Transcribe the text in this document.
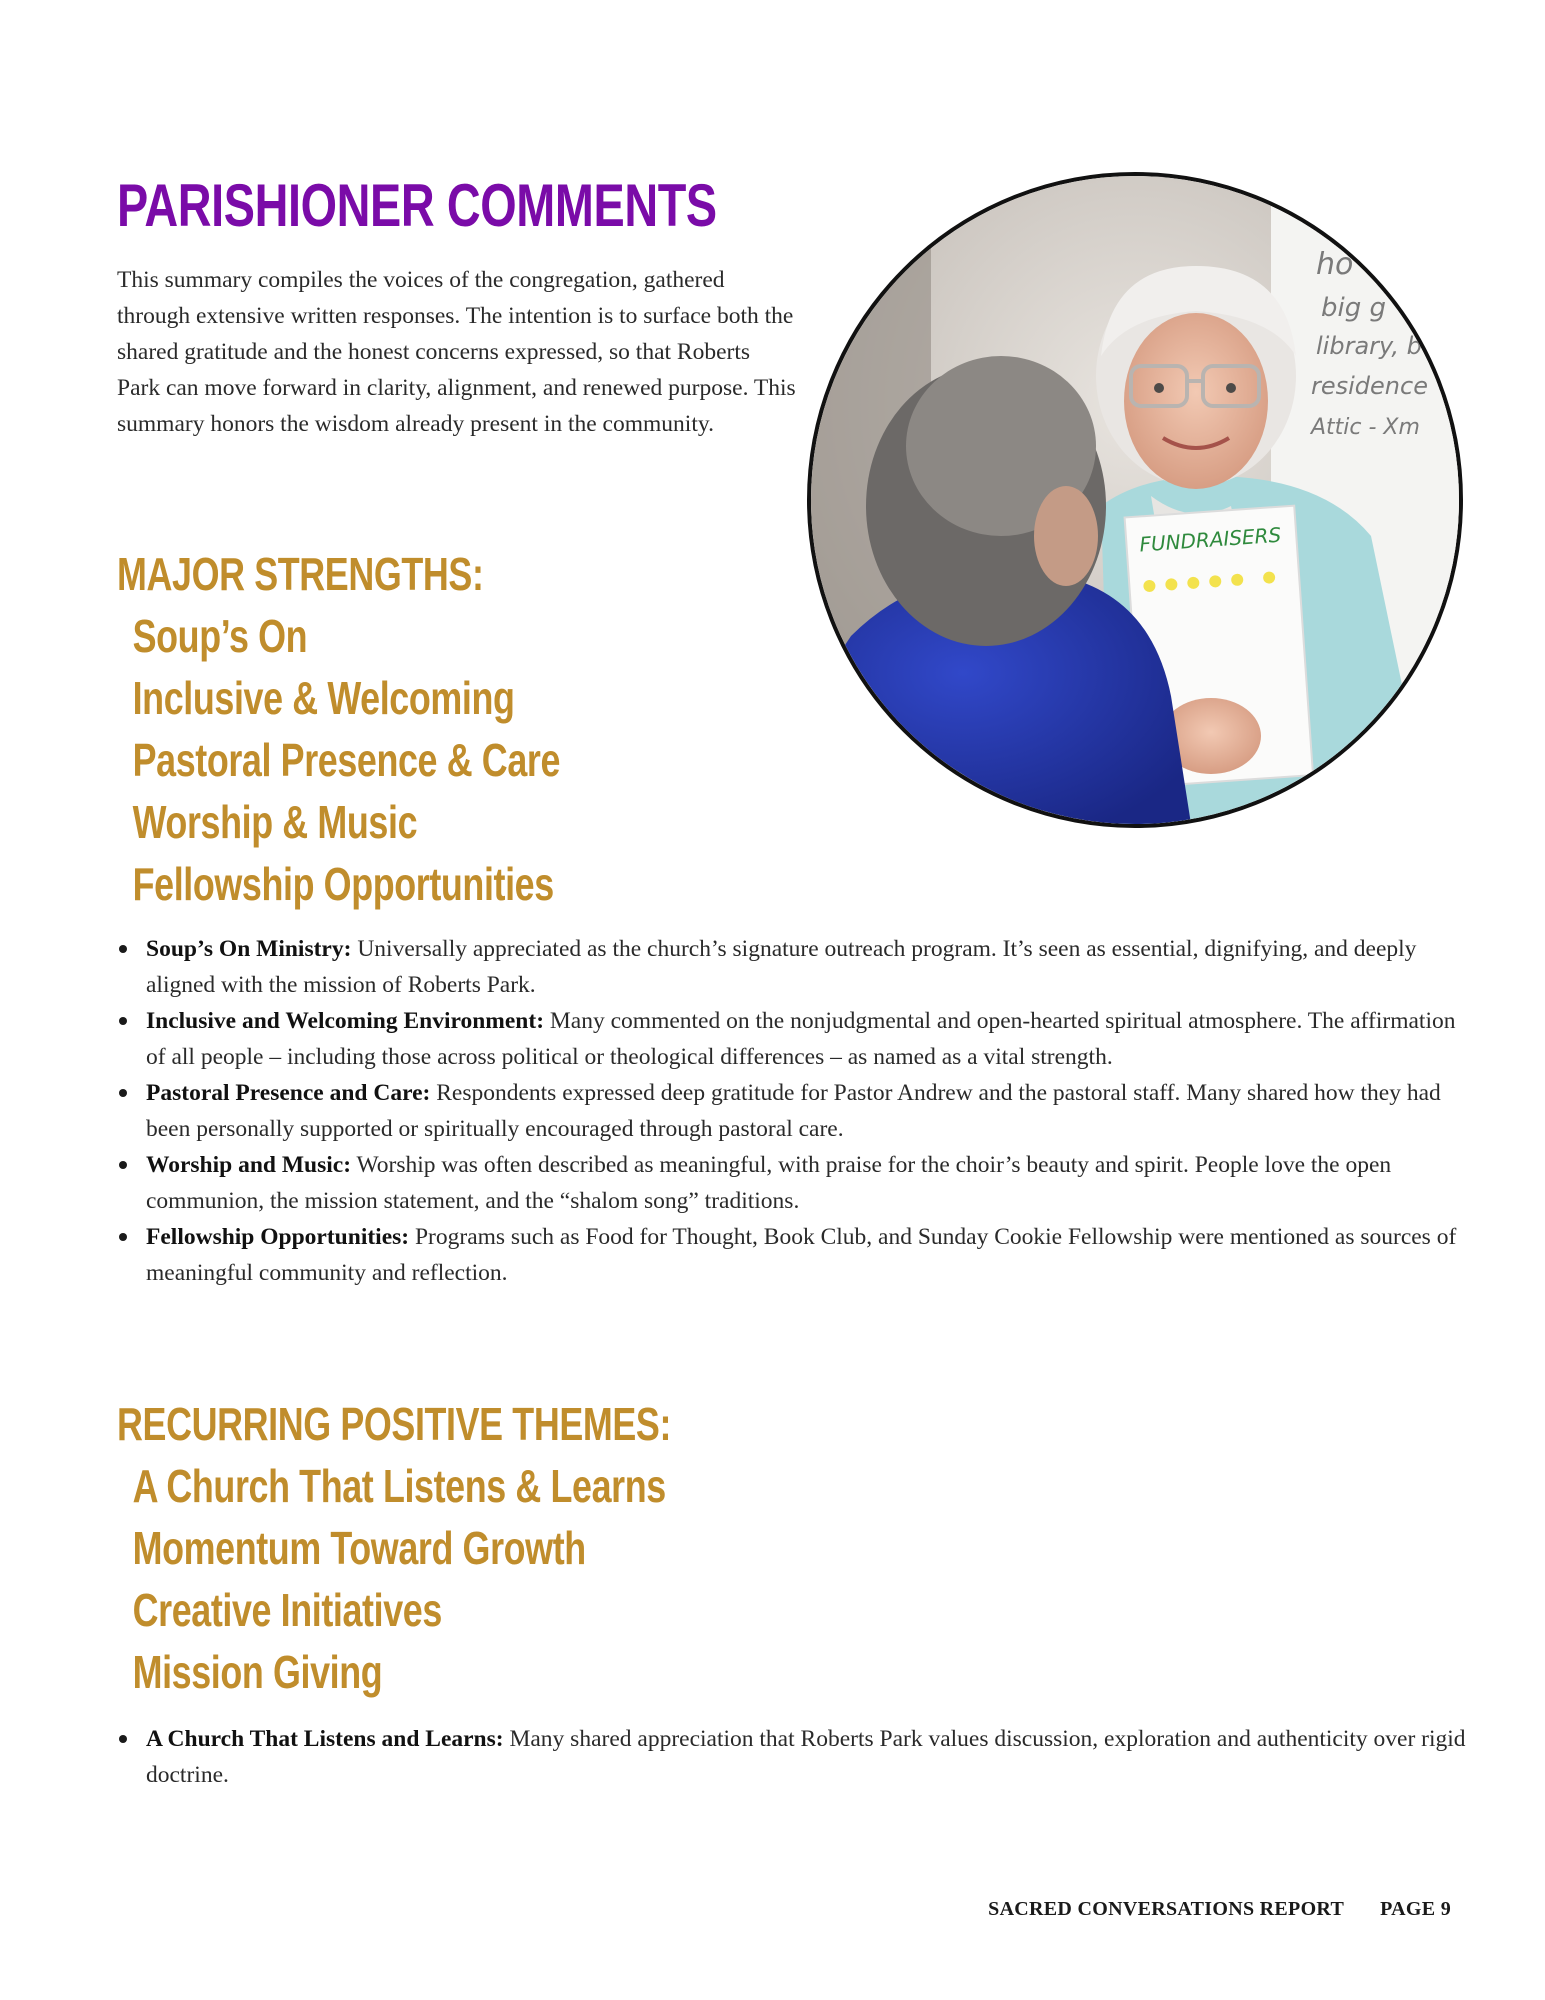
PARISHIONER COMMENTS

This summary compiles the voices of the congregation, gathered through extensive written responses. The intention is to surface both the shared gratitude and the honest concerns expressed, so that Roberts Park can move forward in clarity, alignment, and renewed purpose. This summary honors the wisdom already present in the community.

MAJOR STRENGTHS:
Soup’s On
Inclusive & Welcoming
Pastoral Presence & Care
Worship & Music
Fellowship Opportunities
ho
big g
library, b
residence
Attic - Xm
FUNDRAISERS
Soup’s On Ministry: Universally appreciated as the church’s signature outreach program. It’s seen as essential, dignifying, and deeply aligned with the mission of Roberts Park.
Inclusive and Welcoming Environment: Many commented on the nonjudgmental and open-hearted spiritual atmosphere. The affirmation of all people – including those across political or theological differences – as named as a vital strength.
Pastoral Presence and Care: Respondents expressed deep gratitude for Pastor Andrew and the pastoral staff. Many shared how they had been personally supported or spiritually encouraged through pastoral care.
Worship and Music: Worship was often described as meaningful, with praise for the choir’s beauty and spirit. People love the open communion, the mission statement, and the “shalom song” traditions.
Fellowship Opportunities: Programs such as Food for Thought, Book Club, and Sunday Cookie Fellowship were mentioned as sources of meaningful community and reflection.
RECURRING POSITIVE THEMES:
A Church That Listens & Learns
Momentum Toward Growth
Creative Initiatives
Mission Giving
A Church That Listens and Learns: Many shared appreciation that Roberts Park values discussion, exploration and authenticity over rigid doctrine.
SACRED CONVERSATIONS REPORT PAGE 9
